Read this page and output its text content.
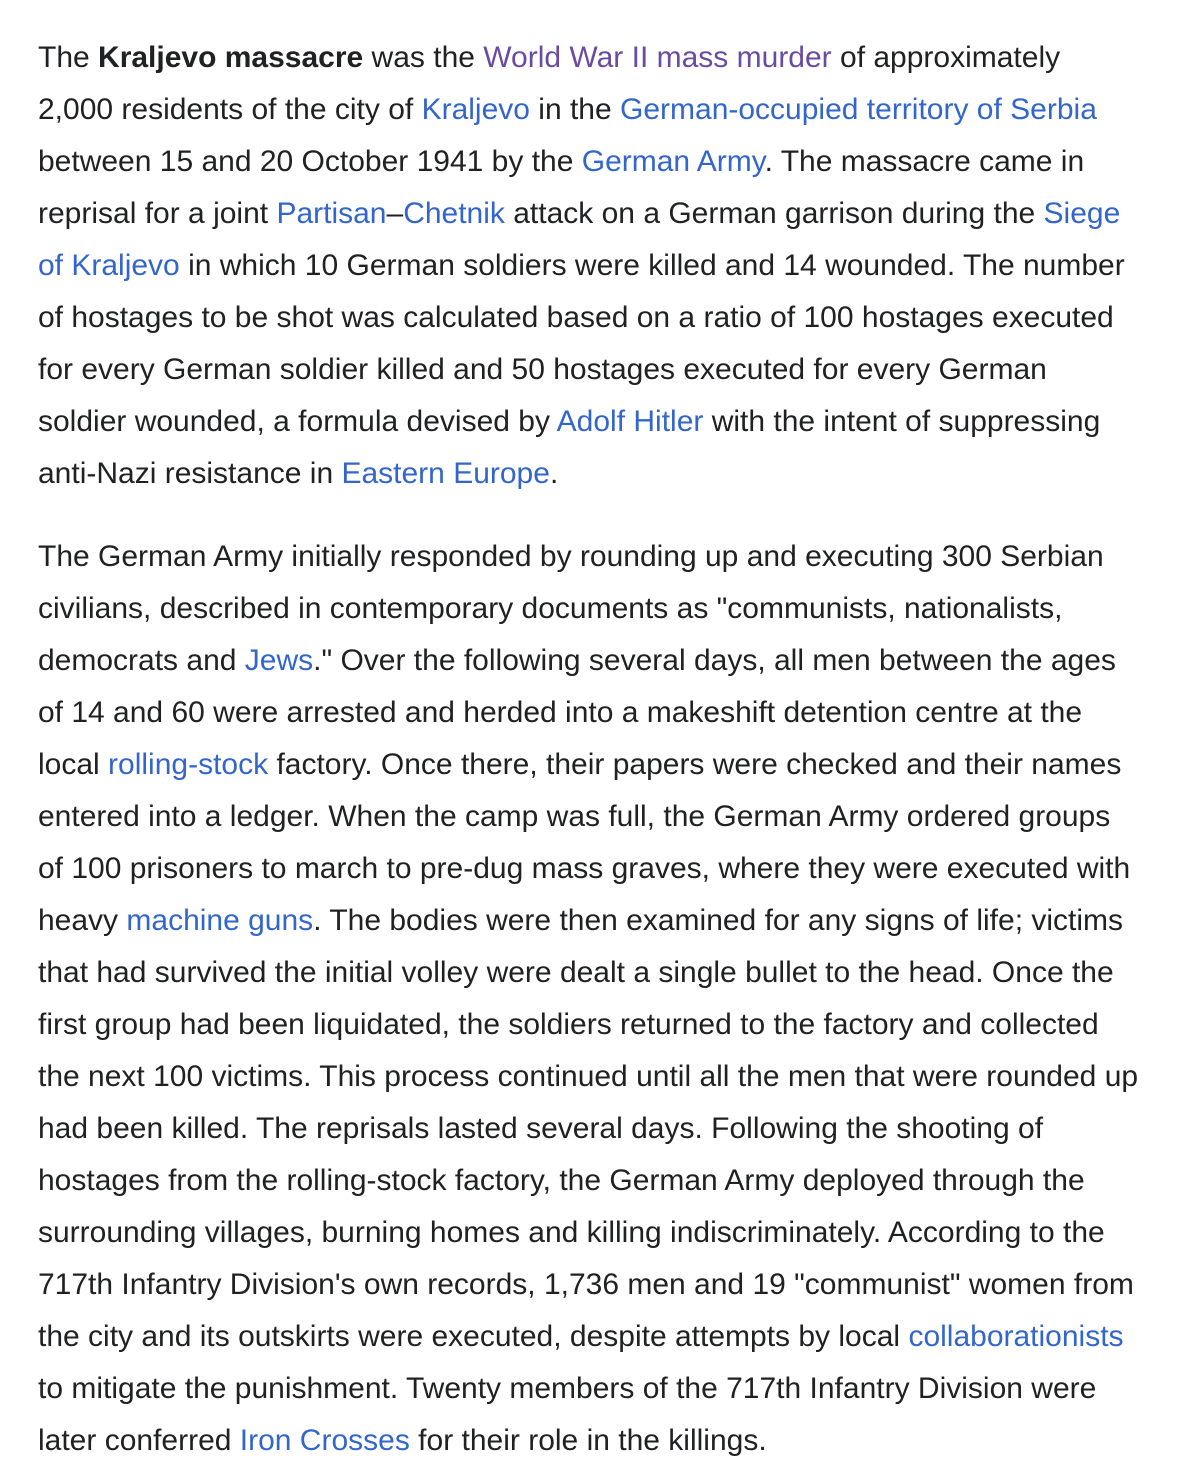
The Kraljevo massacre was the World War II mass murder of approximately
2,000 residents of the city of Kraljevo in the German-occupied territory of Serbia
between 15 and 20 October 1941 by the German Army. The massacre came in
reprisal for a joint Partisan–Chetnik attack on a German garrison during the Siege
of Kraljevo in which 10 German soldiers were killed and 14 wounded. The number
of hostages to be shot was calculated based on a ratio of 100 hostages executed
for every German soldier killed and 50 hostages executed for every German
soldier wounded, a formula devised by Adolf Hitler with the intent of suppressing
anti-Nazi resistance in Eastern Europe.

The German Army initially responded by rounding up and executing 300 Serbian
civilians, described in contemporary documents as "communists, nationalists,
democrats and Jews." Over the following several days, all men between the ages
of 14 and 60 were arrested and herded into a makeshift detention centre at the
local rolling-stock factory. Once there, their papers were checked and their names
entered into a ledger. When the camp was full, the German Army ordered groups
of 100 prisoners to march to pre-dug mass graves, where they were executed with
heavy machine guns. The bodies were then examined for any signs of life; victims
that had survived the initial volley were dealt a single bullet to the head. Once the
first group had been liquidated, the soldiers returned to the factory and collected
the next 100 victims. This process continued until all the men that were rounded up
had been killed. The reprisals lasted several days. Following the shooting of
hostages from the rolling-stock factory, the German Army deployed through the
surrounding villages, burning homes and killing indiscriminately. According to the
717th Infantry Division's own records, 1,736 men and 19 "communist" women from
the city and its outskirts were executed, despite attempts by local collaborationists
to mitigate the punishment. Twenty members of the 717th Infantry Division were
later conferred Iron Crosses for their role in the killings.
